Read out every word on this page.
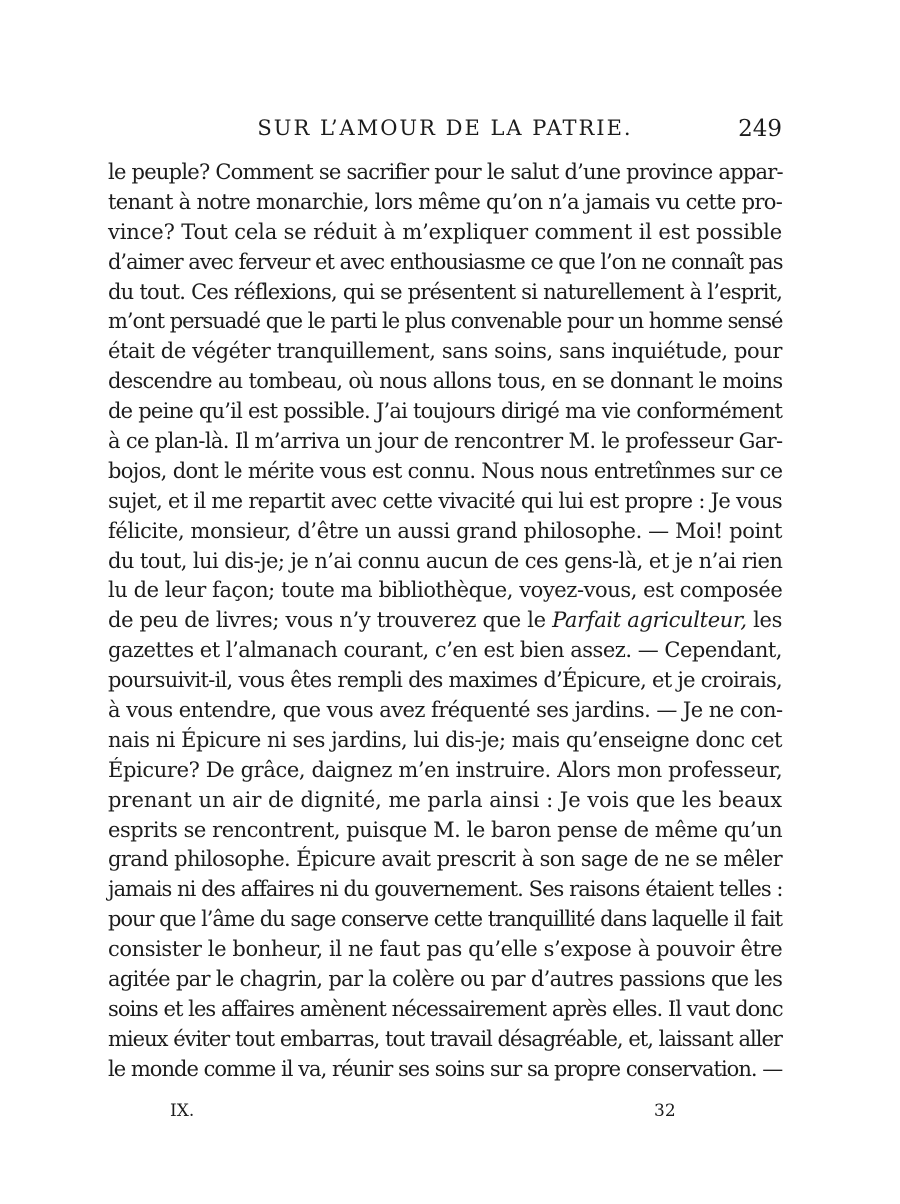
SUR L’AMOUR DE LA PATRIE.	249
le peuple? Comment se sacrifier pour le salut d’une province appar-
tenant à notre monarchie, lors même qu’on n’a jamais vu cette pro-
vince? Tout cela se réduit à m’expliquer comment il est possible
d’aimer avec ferveur et avec enthousiasme ce que l’on ne connaît pas
du tout. Ces réflexions, qui se présentent si naturellement à l’esprit,
m’ont persuadé que le parti le plus convenable pour un homme sensé
était de végéter tranquillement, sans soins, sans inquiétude, pour
descendre au tombeau, où nous allons tous, en se donnant le moins
de peine qu’il est possible. J’ai toujours dirigé ma vie conformément
à ce plan-là. Il m’arriva un jour de rencontrer M. le professeur Gar-
bojos, dont le mérite vous est connu. Nous nous entretînmes sur ce
sujet, et il me repartit avec cette vivacité qui lui est propre : Je vous
félicite, monsieur, d’être un aussi grand philosophe. — Moi! point
du tout, lui dis-je; je n’ai connu aucun de ces gens-là, et je n’ai rien
lu de leur façon; toute ma bibliothèque, voyez-vous, est composée
de peu de livres; vous n’y trouverez que le Parfait agriculteur, les
gazettes et l’almanach courant, c’en est bien assez. — Cependant,
poursuivit-il, vous êtes rempli des maximes d’Épicure, et je croirais,
à vous entendre, que vous avez fréquenté ses jardins. — Je ne con-
nais ni Épicure ni ses jardins, lui dis-je; mais qu’enseigne donc cet
Épicure? De grâce, daignez m’en instruire. Alors mon professeur,
prenant un air de dignité, me parla ainsi : Je vois que les beaux
esprits se rencontrent, puisque M. le baron pense de même qu’un
grand philosophe. Épicure avait prescrit à son sage de ne se mêler
jamais ni des affaires ni du gouvernement. Ses raisons étaient telles :
pour que l’âme du sage conserve cette tranquillité dans laquelle il fait
consister le bonheur, il ne faut pas qu’elle s’expose à pouvoir être
agitée par le chagrin, par la colère ou par d’autres passions que les
soins et les affaires amènent nécessairement après elles. Il vaut donc
mieux éviter tout embarras, tout travail désagréable, et, laissant aller
le monde comme il va, réunir ses soins sur sa propre conservation. —
IX.	32
